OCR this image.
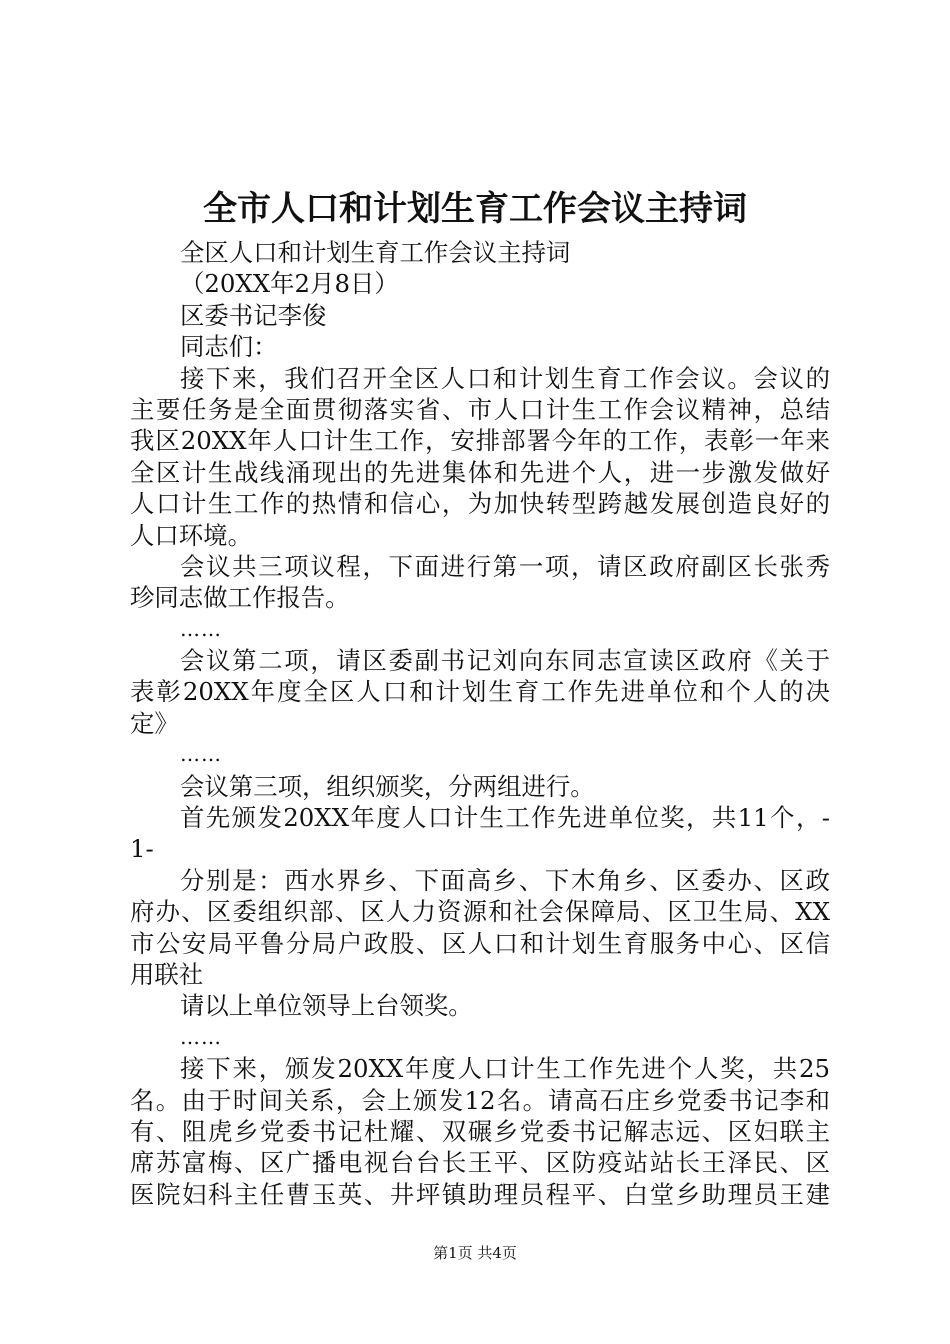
全市人口和计划生育工作会议主持词
全区人口和计划生育工作会议主持词
（20XX年2月8日）
区委书记李俊
同志们：
接下来，我们召开全区人口和计划生育工作会议。会议的
主要任务是全面贯彻落实省、市人口计生工作会议精神，总结
我区20XX年人口计生工作，安排部署今年的工作，表彰一年来
全区计生战线涌现出的先进集体和先进个人，进一步激发做好
人口计生工作的热情和信心，为加快转型跨越发展创造良好的
人口环境。
会议共三项议程，下面进行第一项，请区政府副区长张秀
珍同志做工作报告。
……
会议第二项，请区委副书记刘向东同志宣读区政府《关于
表彰20XX年度全区人口和计划生育工作先进单位和个人的决
定》
……
会议第三项，组织颁奖，分两组进行。
首先颁发20XX年度人口计生工作先进单位奖，共11个，-
1-
分别是：西水界乡、下面高乡、下木角乡、区委办、区政
府办、区委组织部、区人力资源和社会保障局、区卫生局、XX
市公安局平鲁分局户政股、区人口和计划生育服务中心、区信
用联社
请以上单位领导上台领奖。
……
接下来，颁发20XX年度人口计生工作先进个人奖，共25
名。由于时间关系，会上颁发12名。请高石庄乡党委书记李和
有、阻虎乡党委书记杜耀、双碾乡党委书记解志远、区妇联主
席苏富梅、区广播电视台台长王平、区防疫站站长王泽民、区
医院妇科主任曹玉英、井坪镇助理员程平、白堂乡助理员王建
第1页 共4页
